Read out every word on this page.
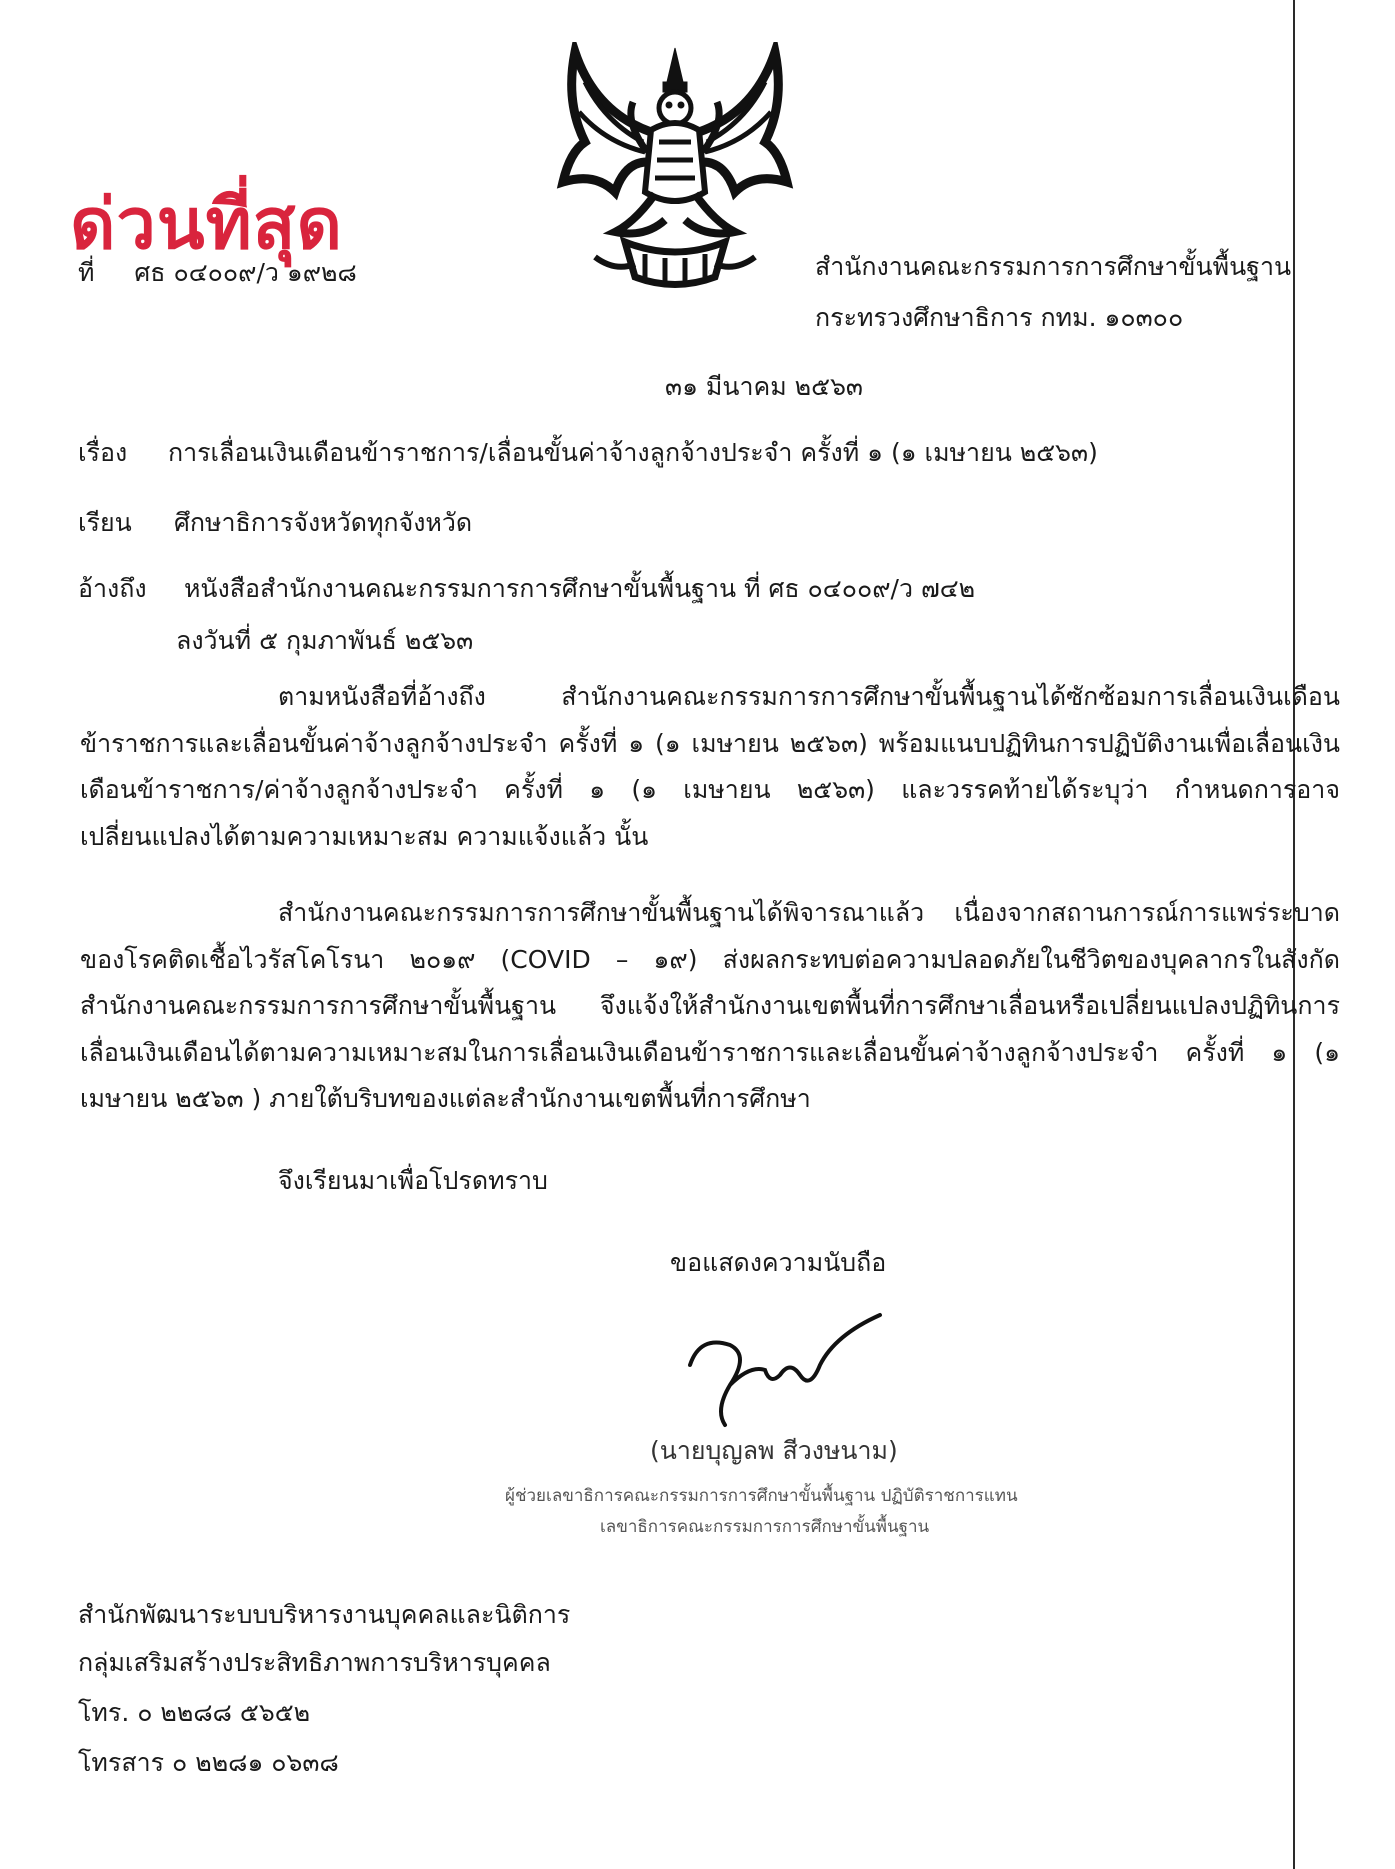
ด่วนที่สุด
ที่ ศธ ๐๔๐๐๙/ว ๑๙๒๘	สำนักงานคณะกรรมการการศึกษาขั้นพื้นฐาน
กระทรวงศึกษาธิการ กทม. ๑๐๓๐๐
๓๑ มีนาคม ๒๕๖๓
เรื่อง การเลื่อนเงินเดือนข้าราชการ/เลื่อนขั้นค่าจ้างลูกจ้างประจำ ครั้งที่ ๑ (๑ เมษายน ๒๕๖๓)
เรียน ศึกษาธิการจังหวัดทุกจังหวัด
อ้างถึง หนังสือสำนักงานคณะกรรมการการศึกษาขั้นพื้นฐาน ที่ ศธ ๐๔๐๐๙/ว ๗๔๒
ลงวันที่ ๕ กุมภาพันธ์ ๒๕๖๓
ตามหนังสือที่อ้างถึง สำนักงานคณะกรรมการการศึกษาขั้นพื้นฐานได้ซักซ้อมการเลื่อนเงินเดือนข้าราชการและเลื่อนขั้นค่าจ้างลูกจ้างประจำ ครั้งที่ ๑ (๑ เมษายน ๒๕๖๓) พร้อมแนบปฏิทินการปฏิบัติงานเพื่อเลื่อนเงินเดือนข้าราชการ/ค่าจ้างลูกจ้างประจำ ครั้งที่ ๑ (๑ เมษายน ๒๕๖๓) และวรรคท้ายได้ระบุว่า กำหนดการอาจเปลี่ยนแปลงได้ตามความเหมาะสม ความแจ้งแล้ว นั้น
สำนักงานคณะกรรมการการศึกษาขั้นพื้นฐานได้พิจารณาแล้ว เนื่องจากสถานการณ์การแพร่ระบาดของโรคติดเชื้อไวรัสโคโรนา ๒๐๑๙ (COVID – ๑๙) ส่งผลกระทบต่อความปลอดภัยในชีวิตของบุคลากรในสังกัดสำนักงานคณะกรรมการการศึกษาขั้นพื้นฐาน จึงแจ้งให้สำนักงานเขตพื้นที่การศึกษาเลื่อนหรือเปลี่ยนแปลงปฏิทินการเลื่อนเงินเดือนได้ตามความเหมาะสมในการเลื่อนเงินเดือนข้าราชการและเลื่อนขั้นค่าจ้างลูกจ้างประจำ ครั้งที่ ๑ (๑ เมษายน ๒๕๖๓ ) ภายใต้บริบทของแต่ละสำนักงานเขตพื้นที่การศึกษา
จึงเรียนมาเพื่อโปรดทราบ
ขอแสดงความนับถือ
(นายบุญลพ สีวงษนาม)
ผู้ช่วยเลขาธิการคณะกรรมการการศึกษาขั้นพื้นฐาน ปฏิบัติราชการแทน
เลขาธิการคณะกรรมการการศึกษาขั้นพื้นฐาน
สำนักพัฒนาระบบบริหารงานบุคคลและนิติการ
กลุ่มเสริมสร้างประสิทธิภาพการบริหารบุคคล
โทร. ๐ ๒๒๘๘ ๕๖๕๒
โทรสาร ๐ ๒๒๘๑ ๐๖๓๘
